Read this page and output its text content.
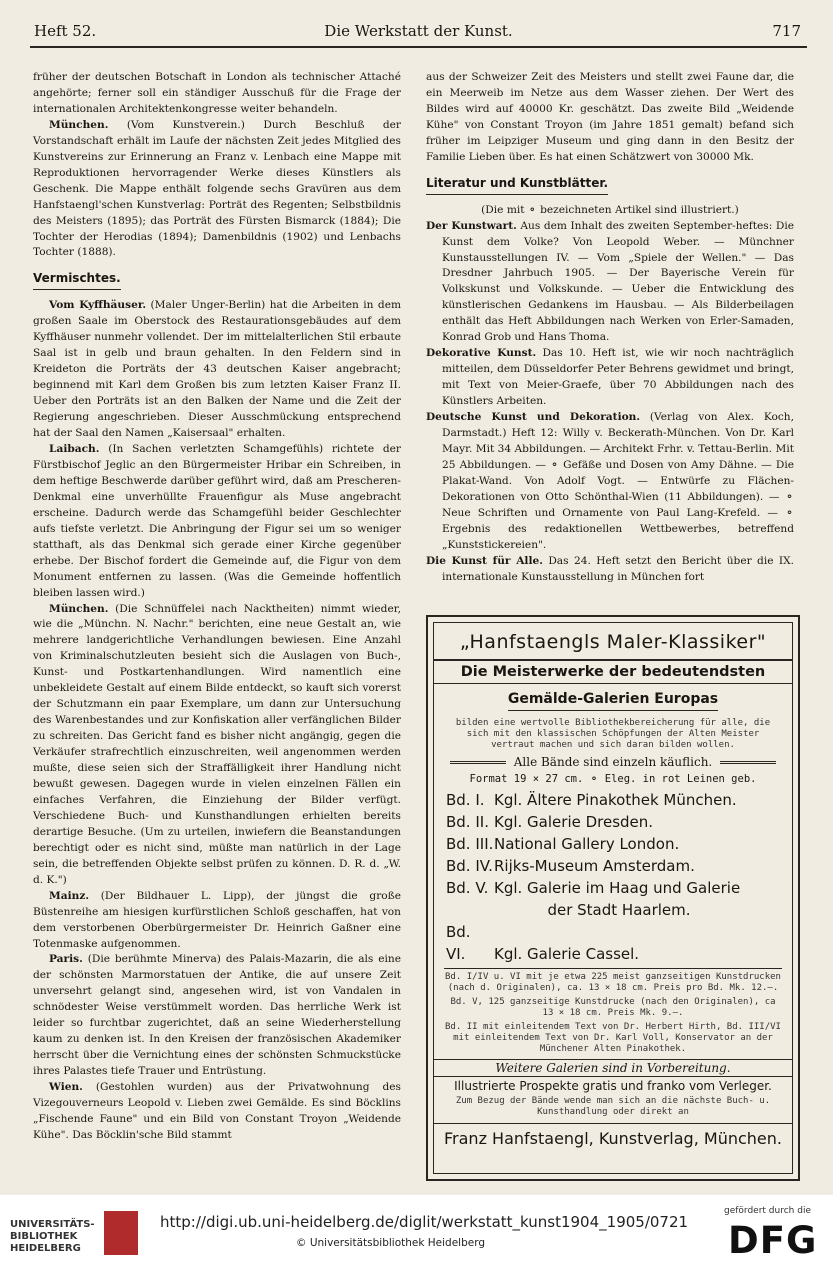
Heft 52.	Die Werkstatt der Kunst.	717

früher der deutschen Botschaft in London als technischer Attaché angehörte; ferner soll ein ständiger Ausschuß für die Frage der internationalen Architektenkongresse weiter behandeln.

München. (Vom Kunstverein.) Durch Beschluß der Vorstandschaft erhält im Laufe der nächsten Zeit jedes Mitglied des Kunstvereins zur Erinnerung an Franz v. Lenbach eine Mappe mit Reproduktionen hervorragender Werke dieses Künstlers als Geschenk. Die Mappe enthält folgende sechs Gravüren aus dem Hanfstaengl'schen Kunstverlag: Porträt des Regenten; Selbstbildnis des Meisters (1895); das Porträt des Fürsten Bismarck (1884); Die Tochter der Herodias (1894); Damenbildnis (1902) und Lenbachs Tochter (1888).

Vermischtes.

Vom Kyffhäuser. (Maler Unger-Berlin) hat die Arbeiten in dem großen Saale im Oberstock des Restaurationsgebäudes auf dem Kyffhäuser nunmehr vollendet. Der im mittelalterlichen Stil erbaute Saal ist in gelb und braun gehalten. In den Feldern sind in Kreideton die Porträts der 43 deutschen Kaiser angebracht; beginnend mit Karl dem Großen bis zum letzten Kaiser Franz II. Ueber den Porträts ist an den Balken der Name und die Zeit der Regierung angeschrieben. Dieser Ausschmückung entsprechend hat der Saal den Namen „Kaisersaal" erhalten.

Laibach. (In Sachen verletzten Schamgefühls) richtete der Fürstbischof Jeglic an den Bürgermeister Hribar ein Schreiben, in dem heftige Beschwerde darüber geführt wird, daß am Prescheren-Denkmal eine unverhüllte Frauenfigur als Muse angebracht erscheine. Dadurch werde das Schamgefühl beider Geschlechter aufs tiefste verletzt. Die Anbringung der Figur sei um so weniger statthaft, als das Denkmal sich gerade einer Kirche gegenüber erhebe. Der Bischof fordert die Gemeinde auf, die Figur von dem Monument entfernen zu lassen. (Was die Gemeinde hoffentlich bleiben lassen wird.)

München. (Die Schnüffelei nach Nacktheiten) nimmt wieder, wie die „Münchn. N. Nachr." berichten, eine neue Gestalt an, wie mehrere landgerichtliche Verhandlungen bewiesen. Eine Anzahl von Kriminalschutzleuten besieht sich die Auslagen von Buch-, Kunst- und Postkartenhandlungen. Wird namentlich eine unbekleidete Gestalt auf einem Bilde entdeckt, so kauft sich vorerst der Schutzmann ein paar Exemplare, um dann zur Untersuchung des Warenbestandes und zur Konfiskation aller verfänglichen Bilder zu schreiten. Das Gericht fand es bisher nicht angängig, gegen die Verkäufer strafrechtlich einzuschreiten, weil angenommen werden mußte, diese seien sich der Straffälligkeit ihrer Handlung nicht bewußt gewesen. Dagegen wurde in vielen einzelnen Fällen ein einfaches Verfahren, die Einziehung der Bilder verfügt. Verschiedene Buch- und Kunsthandlungen erhielten bereits derartige Besuche. (Um zu urteilen, inwiefern die Beanstandungen berechtigt oder es nicht sind, müßte man natürlich in der Lage sein, die betreffenden Objekte selbst prüfen zu können. D. R. d. „W. d. K.")

Mainz. (Der Bildhauer L. Lipp), der jüngst die große Büstenreihe am hiesigen kurfürstlichen Schloß geschaffen, hat von dem verstorbenen Oberbürgermeister Dr. Heinrich Gaßner eine Totenmaske aufgenommen.

Paris. (Die berühmte Minerva) des Palais-Mazarin, die als eine der schönsten Marmorstatuen der Antike, die auf unsere Zeit unversehrt gelangt sind, angesehen wird, ist von Vandalen in schnödester Weise verstümmelt worden. Das herrliche Werk ist leider so furchtbar zugerichtet, daß an seine Wiederherstellung kaum zu denken ist. In den Kreisen der französischen Akademiker herrscht über die Vernichtung eines der schönsten Schmuckstücke ihres Palastes tiefe Trauer und Entrüstung.

Wien. (Gestohlen wurden) aus der Privatwohnung des Vizegouverneurs Leopold v. Lieben zwei Gemälde. Es sind Böcklins „Fischende Faune" und ein Bild von Constant Troyon „Weidende Kühe". Das Böcklin'sche Bild stammt

aus der Schweizer Zeit des Meisters und stellt zwei Faune dar, die ein Meerweib im Netze aus dem Wasser ziehen. Der Wert des Bildes wird auf 40000 Kr. geschätzt. Das zweite Bild „Weidende Kühe" von Constant Troyon (im Jahre 1851 gemalt) befand sich früher im Leipziger Museum und ging dann in den Besitz der Familie Lieben über. Es hat einen Schätzwert von 30000 Mk.

Literatur und Kunstblätter.

(Die mit ⚬ bezeichneten Artikel sind illustriert.)

Der Kunstwart. Aus dem Inhalt des zweiten September-heftes: Die Kunst dem Volke? Von Leopold Weber. — Münchner Kunstausstellungen IV. — Vom „Spiele der Wellen." — Das Dresdner Jahrbuch 1905. — Der Bayerische Verein für Volkskunst und Volkskunde. — Ueber die Entwicklung des künstlerischen Gedankens im Hausbau. — Als Bilderbeilagen enthält das Heft Abbildungen nach Werken von Erler-Samaden, Konrad Grob und Hans Thoma.

Dekorative Kunst. Das 10. Heft ist, wie wir noch nachträglich mitteilen, dem Düsseldorfer Peter Behrens gewidmet und bringt, mit Text von Meier-Graefe, über 70 Abbildungen nach des Künstlers Arbeiten.

Deutsche Kunst und Dekoration. (Verlag von Alex. Koch, Darmstadt.) Heft 12: Willy v. Beckerath-München. Von Dr. Karl Mayr. Mit 34 Abbildungen. — Architekt Frhr. v. Tettau-Berlin. Mit 25 Abbildungen. — ⚬ Gefäße und Dosen von Amy Dähne. — Die Plakat-Wand. Von Adolf Vogt. — Entwürfe zu Flächen-Dekorationen von Otto Schönthal-Wien (11 Abbildungen). — ⚬ Neue Schriften und Ornamente von Paul Lang-Krefeld. — ⚬ Ergebnis des redaktionellen Wettbewerbes, betreffend „Kunststickereien".

Die Kunst für Alle. Das 24. Heft setzt den Bericht über die IX. internationale Kunstausstellung in München fort

„Hanfstaengls Maler-Klassiker"
Die Meisterwerke der bedeutendsten
Gemälde-Galerien Europas
bilden eine wertvolle Bibliothekbereicherung für alle, die sich mit den klassischen Schöpfungen der Alten Meister vertraut machen und sich daran bilden wollen.
Alle Bände sind einzeln käuflich.
Format 19 × 27 cm. ⚬ Eleg. in rot Leinen geb.
Bd. I. Kgl. Ältere Pinakothek München.
Bd. II. Kgl. Galerie Dresden.
Bd. III.National Gallery London.
Bd. IV.Rijks-Museum Amsterdam.
Bd. V. Kgl. Galerie im Haag und Galerie
der Stadt Haarlem.
Bd. VI. Kgl. Galerie Cassel.
Bd. I/IV u. VI mit je etwa 225 meist ganzseitigen Kunstdrucken (nach d. Originalen), ca. 13 × 18 cm. Preis pro Bd. Mk. 12.—.
Bd. V, 125 ganzseitige Kunstdrucke (nach den Originalen), ca 13 × 18 cm. Preis Mk. 9.—.
Bd. II mit einleitendem Text von Dr. Herbert Hirth, Bd. III/VI mit einleitendem Text von Dr. Karl Voll, Konservator an der Münchener Alten Pinakothek.
Weitere Galerien sind in Vorbereitung.
Illustrierte Prospekte gratis und franko vom Verleger.
Zum Bezug der Bände wende man sich an die nächste Buch- u. Kunsthandlung oder direkt an
Franz Hanfstaengl, Kunstverlag, München.
UNIVERSITÄTS-
BIBLIOTHEK
HEIDELBERG
http://digi.ub.uni-heidelberg.de/diglit/werkstatt_kunst1904_1905/0721
© Universitätsbibliothek Heidelberg
gefördert durch die
DFG
